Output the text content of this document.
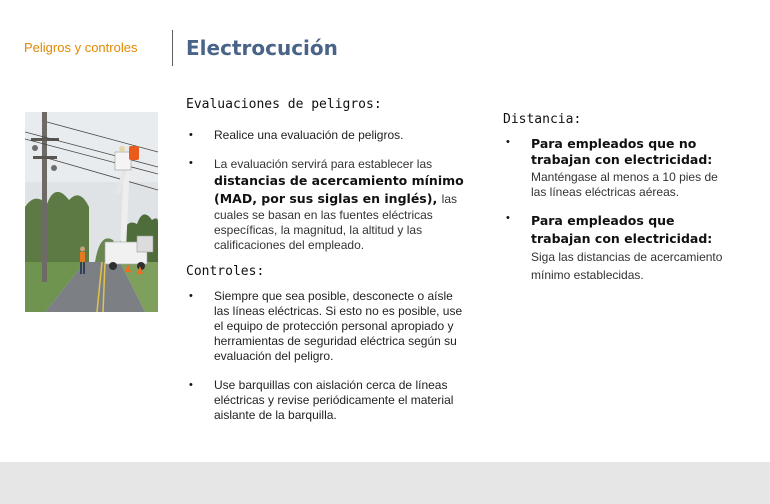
Peligros y controles Electrocución
Evaluaciones de peligros:
• Realice una evaluación de peligros.
• La evaluación servirá para establecer las
distancias de acercamiento mínimo (MAD, por sus siglas en inglés), las
cuales se basan en las fuentes eléctricas específicas, la magnitud, la altitud y las calificaciones del empleado.
Controles:
• Siempre que sea posible, desconecte o aísle las líneas eléctricas. Si esto no es posible, use el equipo de protección personal apropiado y herramientas de seguridad eléctrica según su evaluación del peligro.
• Use barquillas con aislación cerca de líneas eléctricas y revise periódicamente el material aislante de la barquilla.
Distancia:
• Para empleados que no trabajan con electricidad:
Manténgase al menos a 10 pies de las líneas eléctricas aéreas.
• Para empleados que trabajan con electricidad: Siga las distancias de acercamiento mínimo establecidas.
